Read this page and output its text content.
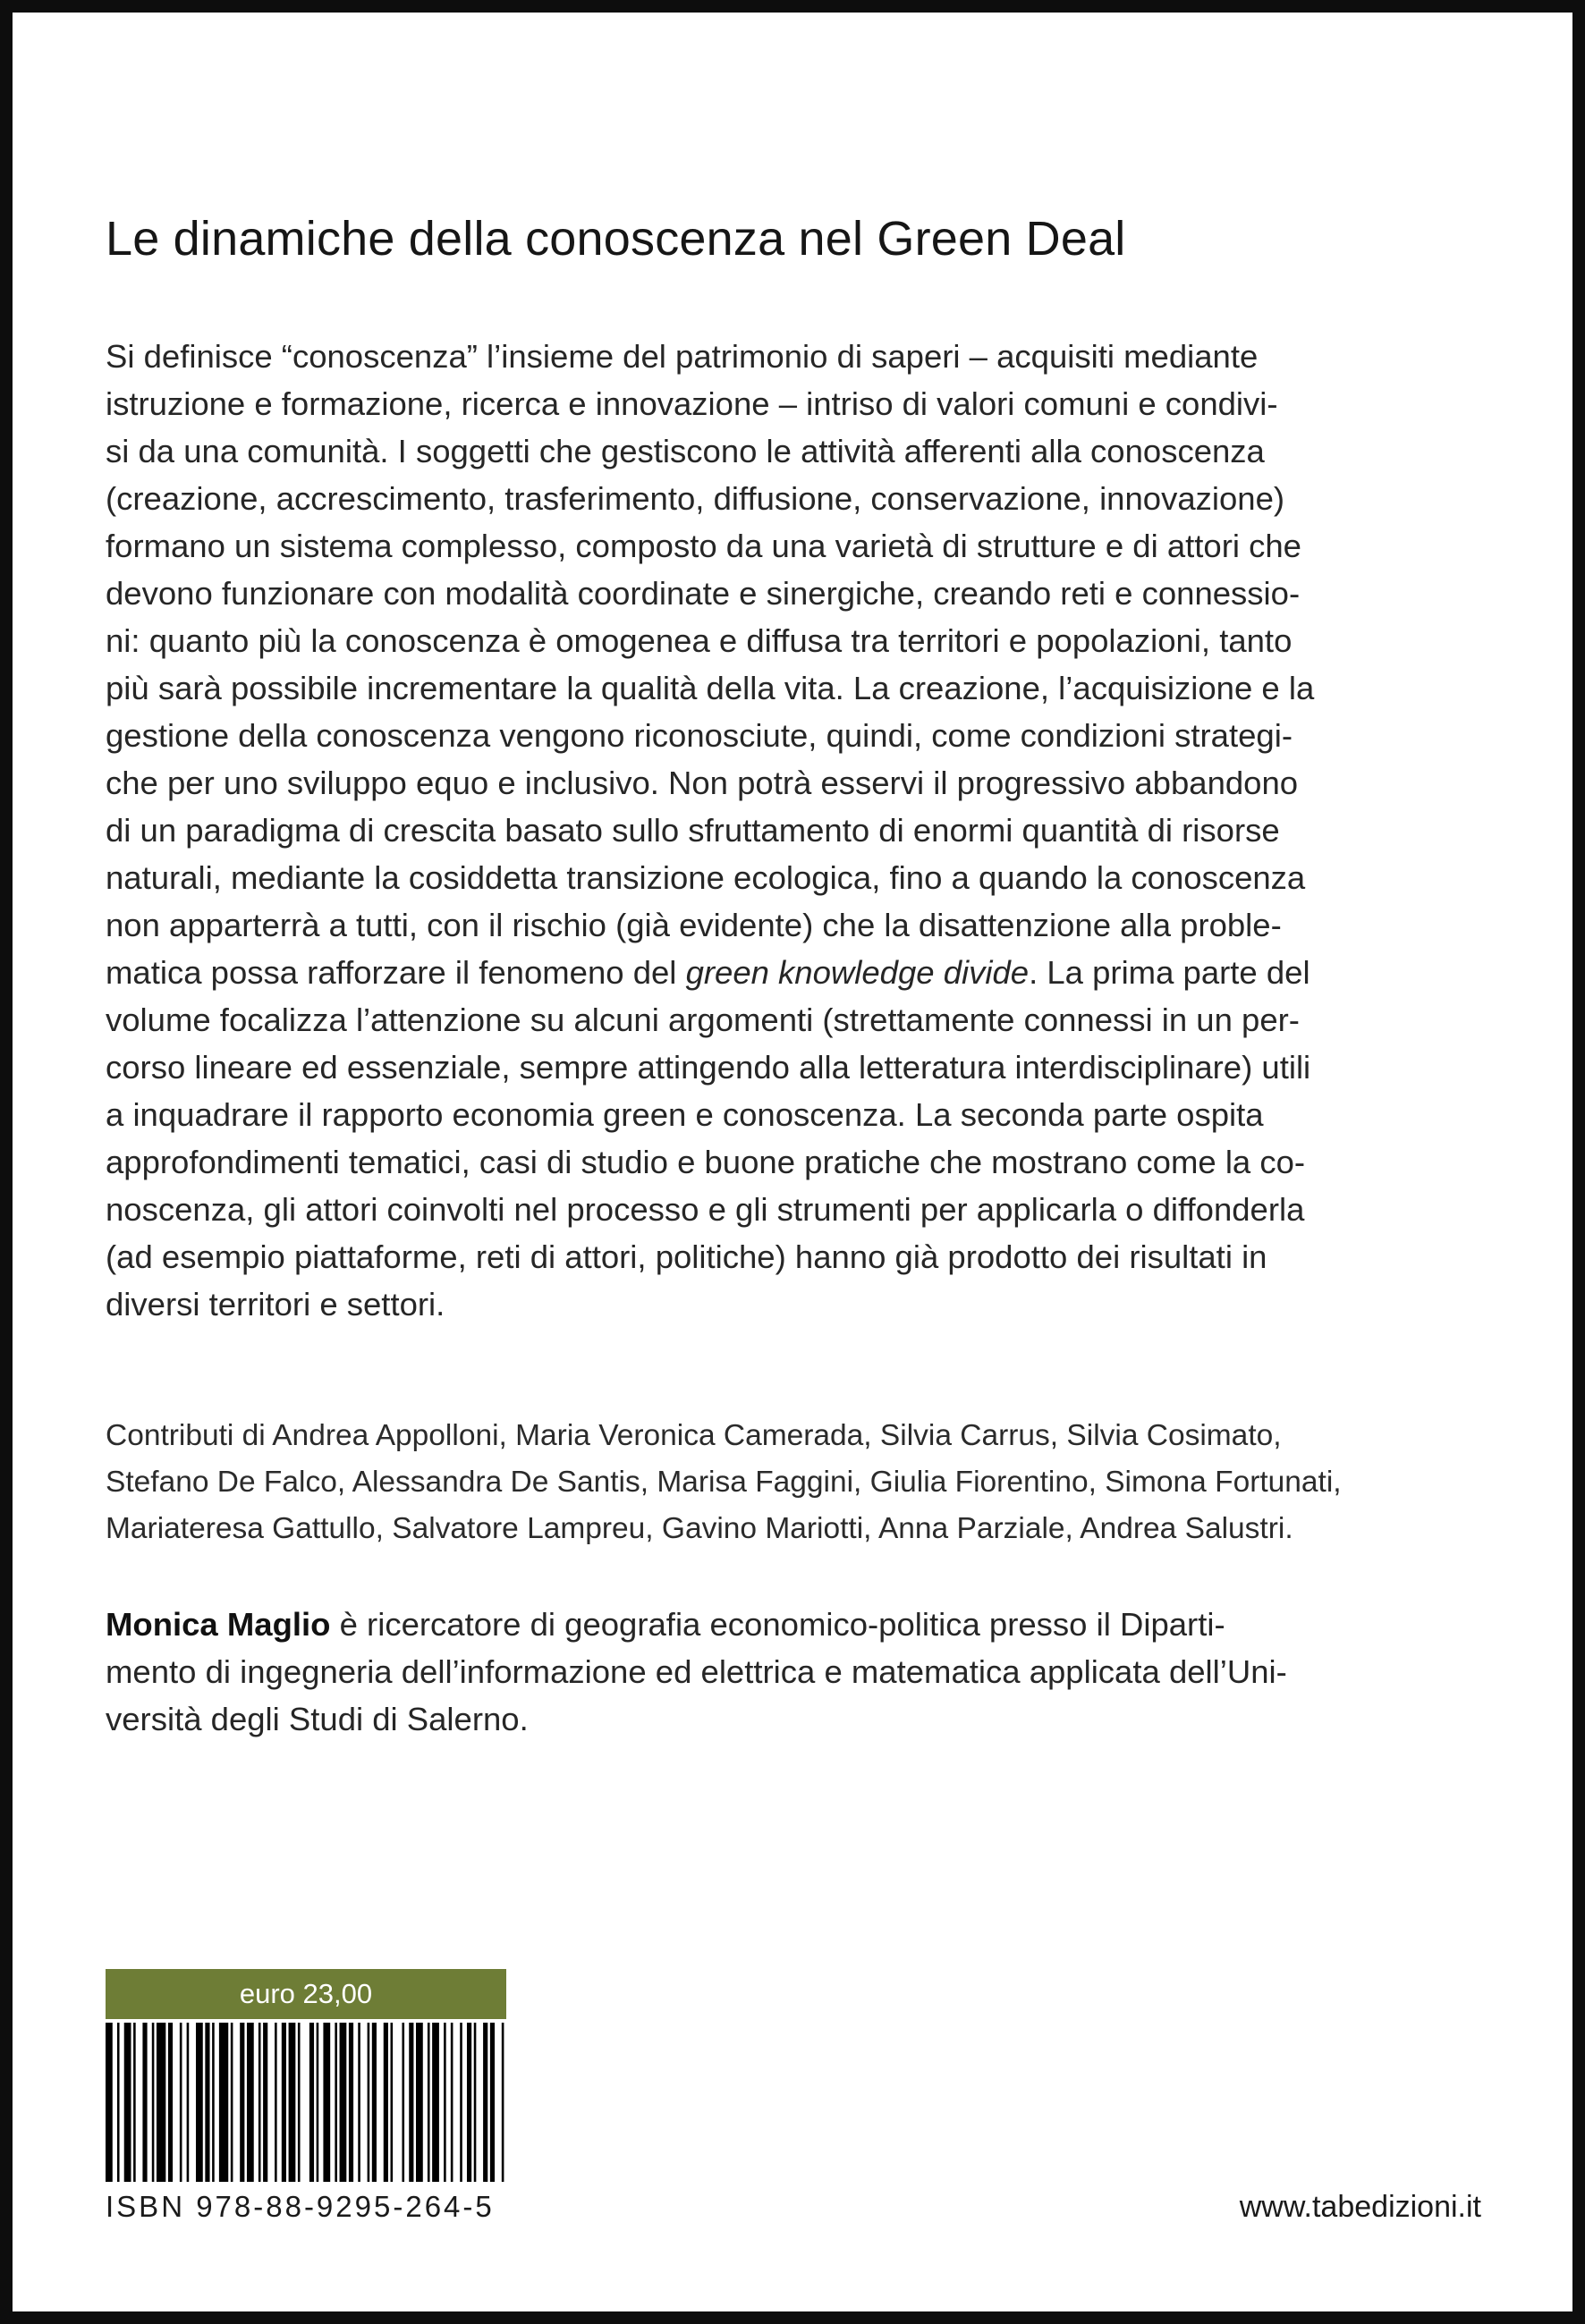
Le dinamiche della conoscenza nel Green Deal
Si definisce “conoscenza” l’insieme del patrimonio di saperi – acquisiti mediante
istruzione e formazione, ricerca e innovazione – intriso di valori comuni e condivi-
si da una comunità. I soggetti che gestiscono le attività afferenti alla conoscenza
(creazione, accrescimento, trasferimento, diffusione, conservazione, innovazione)
formano un sistema complesso, composto da una varietà di strutture e di attori che
devono funzionare con modalità coordinate e sinergiche, creando reti e connessio-
ni: quanto più la conoscenza è omogenea e diffusa tra territori e popolazioni, tanto
più sarà possibile incrementare la qualità della vita. La creazione, l’acquisizione e la
gestione della conoscenza vengono riconosciute, quindi, come condizioni strategi-
che per uno sviluppo equo e inclusivo. Non potrà esservi il progressivo abbandono
di un paradigma di crescita basato sullo sfruttamento di enormi quantità di risorse
naturali, mediante la cosiddetta transizione ecologica, fino a quando la conoscenza
non apparterrà a tutti, con il rischio (già evidente) che la disattenzione alla proble-
matica possa rafforzare il fenomeno del green knowledge divide. La prima parte del
volume focalizza l’attenzione su alcuni argomenti (strettamente connessi in un per-
corso lineare ed essenziale, sempre attingendo alla letteratura interdisciplinare) utili
a inquadrare il rapporto economia green e conoscenza. La seconda parte ospita
approfondimenti tematici, casi di studio e buone pratiche che mostrano come la co-
noscenza, gli attori coinvolti nel processo e gli strumenti per applicarla o diffonderla
(ad esempio piattaforme, reti di attori, politiche) hanno già prodotto dei risultati in
diversi territori e settori.
Contributi di Andrea Appolloni, Maria Veronica Camerada, Silvia Carrus, Silvia Cosimato,
Stefano De Falco, Alessandra De Santis, Marisa Faggini, Giulia Fiorentino, Simona Fortunati,
Mariateresa Gattullo, Salvatore Lampreu, Gavino Mariotti, Anna Parziale, Andrea Salustri.
Monica Maglio è ricercatore di geografia economico-politica presso il Diparti-
mento di ingegneria dell’informazione ed elettrica e matematica applicata dell’Uni-
versità degli Studi di Salerno.
euro 23,00
ISBN 978-88-9295-264-5	www.tabedizioni.it
